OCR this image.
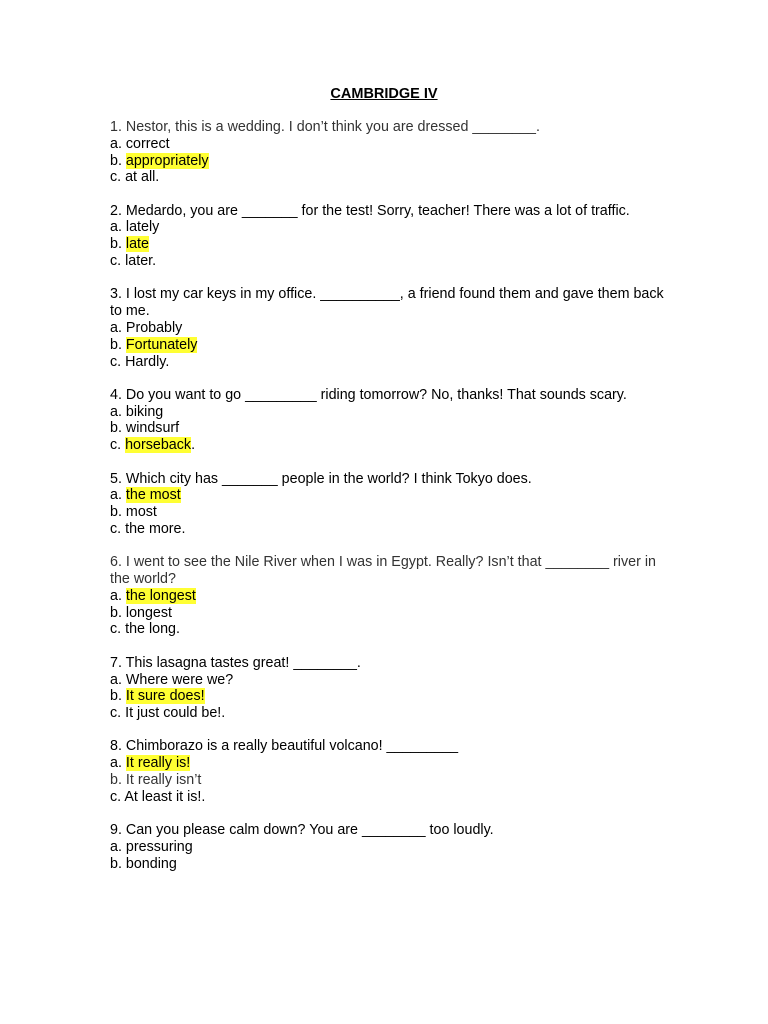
CAMBRIDGE IV
1. Nestor, this is a wedding. I don’t think you are dressed ________.
a. correct
b. appropriately
c. at all.
2. Medardo, you are _______ for the test! Sorry, teacher! There was a lot of traffic.
a. lately
b. late
c. later.
3. I lost my car keys in my office. __________, a friend found them and gave them back to me.
a. Probably
b. Fortunately
c. Hardly.
4. Do you want to go _________ riding tomorrow? No, thanks! That sounds scary.
a. biking
b. windsurf
c. horseback.
5. Which city has _______ people in the world? I think Tokyo does.
a. the most
b. most
c. the more.
6. I went to see the Nile River when I was in Egypt. Really? Isn’t that ________ river in the world?
a. the longest
b. longest
c. the long.
7. This lasagna tastes great! ________.
a. Where were we?
b. It sure does!
c. It just could be!.
8. Chimborazo is a really beautiful volcano! _________
a. It really is!
b. It really isn’t
c. At least it is!.
9. Can you please calm down? You are ________ too loudly.
a. pressuring
b. bonding
